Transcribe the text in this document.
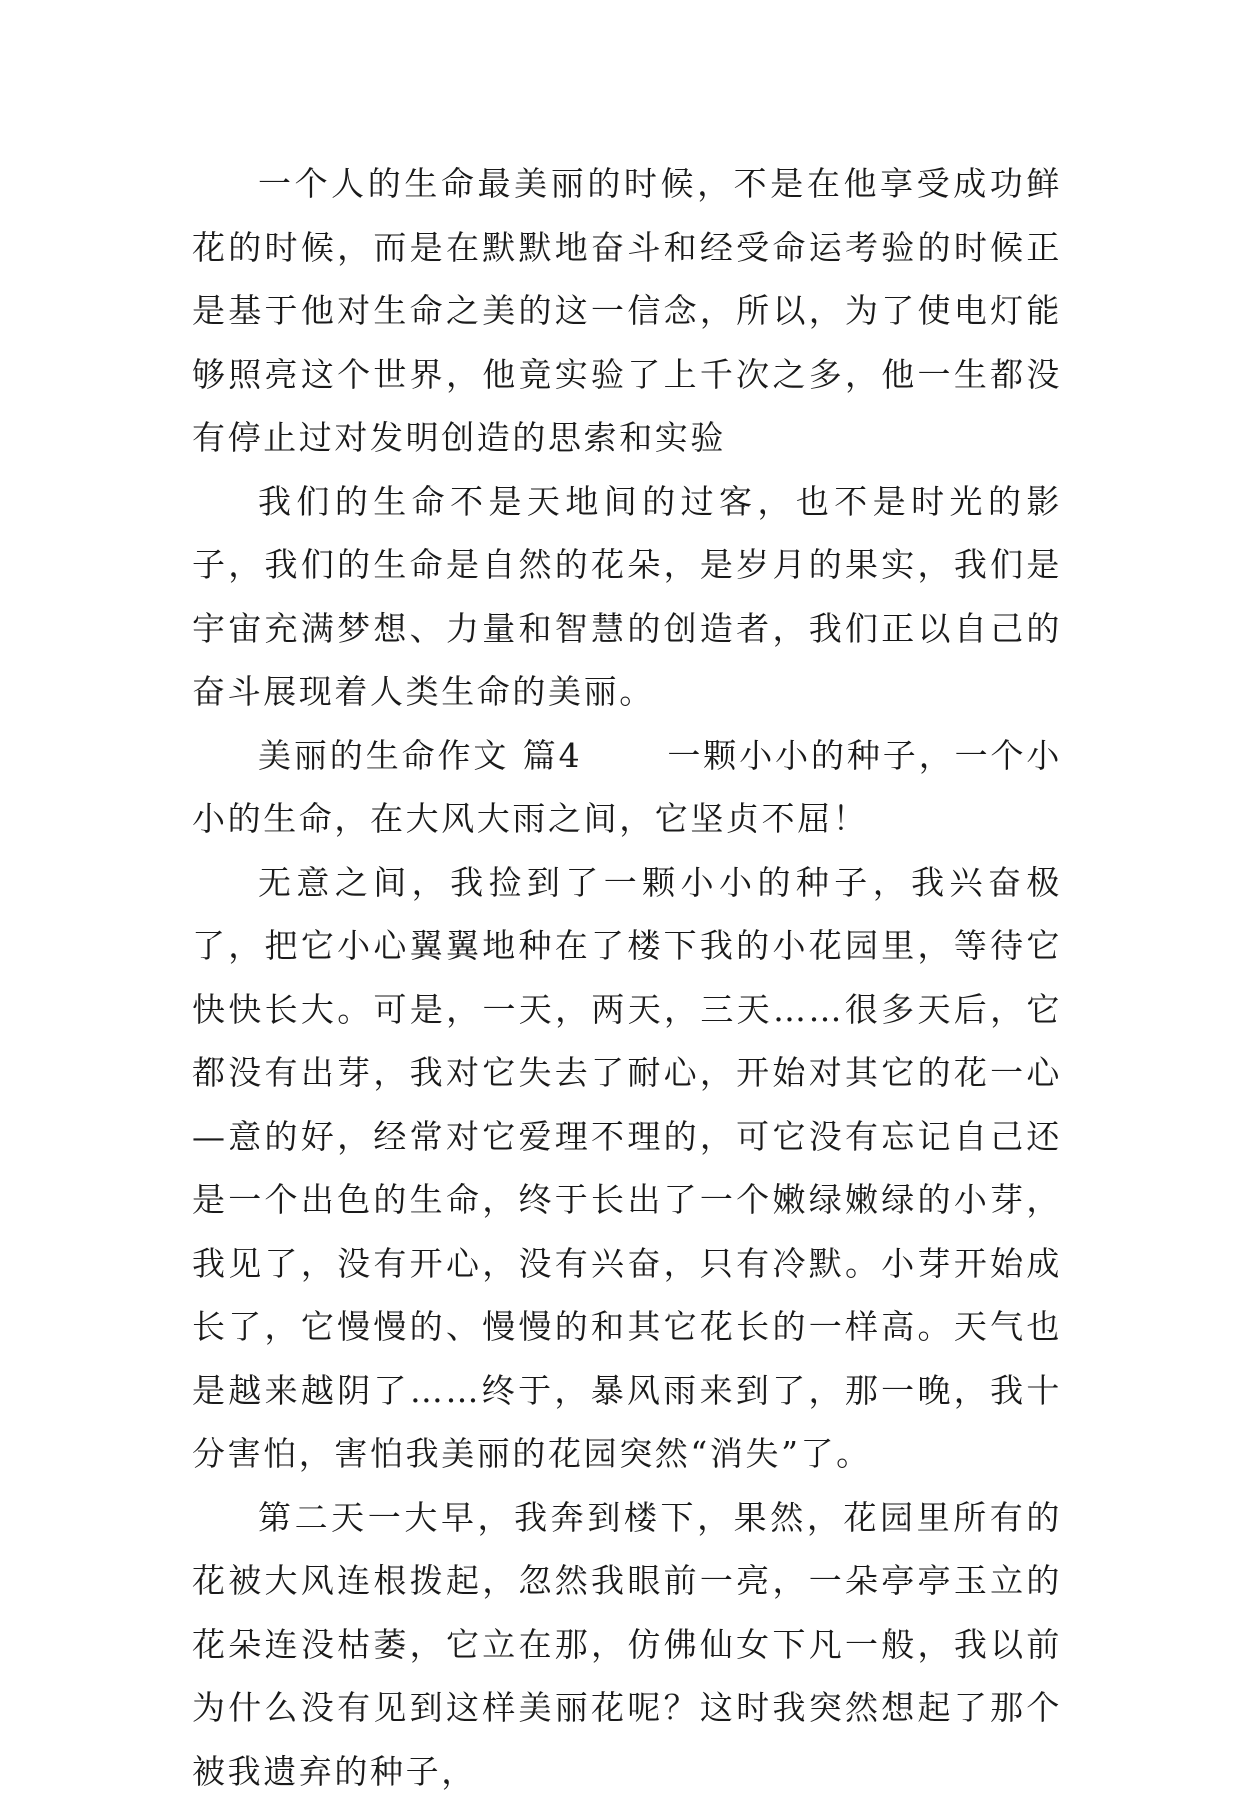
一个人的生命最美丽的时候，不是在他享受成功鲜花的时候，而是在默默地奋斗和经受命运考验的时候正是基于他对生命之美的这一信念，所以，为了使电灯能够照亮这个世界，他竟实验了上千次之多，他一生都没有停止过对发明创造的思索和实验

我们的生命不是天地间的过客，也不是时光的影子，我们的生命是自然的花朵，是岁月的果实，我们是宇宙充满梦想、力量和智慧的创造者，我们正以自己的奋斗展现着人类生命的美丽。

美丽的生命作文 篇4 　　一颗小小的种子，一个小小的生命，在大风大雨之间，它坚贞不屈！

无意之间，我捡到了一颗小小的种子，我兴奋极了，把它小心翼翼地种在了楼下我的小花园里，等待它快快长大。可是，一天，两天，三天……很多天后，它都没有出芽，我对它失去了耐心，开始对其它的花一心—意的好，经常对它爱理不理的，可它没有忘记自己还是一个出色的生命，终于长出了一个嫩绿嫩绿的小芽，我见了，没有开心，没有兴奋，只有冷默。小芽开始成长了，它慢慢的、慢慢的和其它花长的一样高。天气也是越来越阴了……终于，暴风雨来到了，那一晚，我十分害怕，害怕我美丽的花园突然“消失”了。

第二天一大早，我奔到楼下，果然，花园里所有的花被大风连根拨起，忽然我眼前一亮，一朵亭亭玉立的花朵连没枯萎，它立在那，仿佛仙女下凡一般，我以前为什么没有见到这样美丽花呢？这时我突然想起了那个被我遗弃的种子，
